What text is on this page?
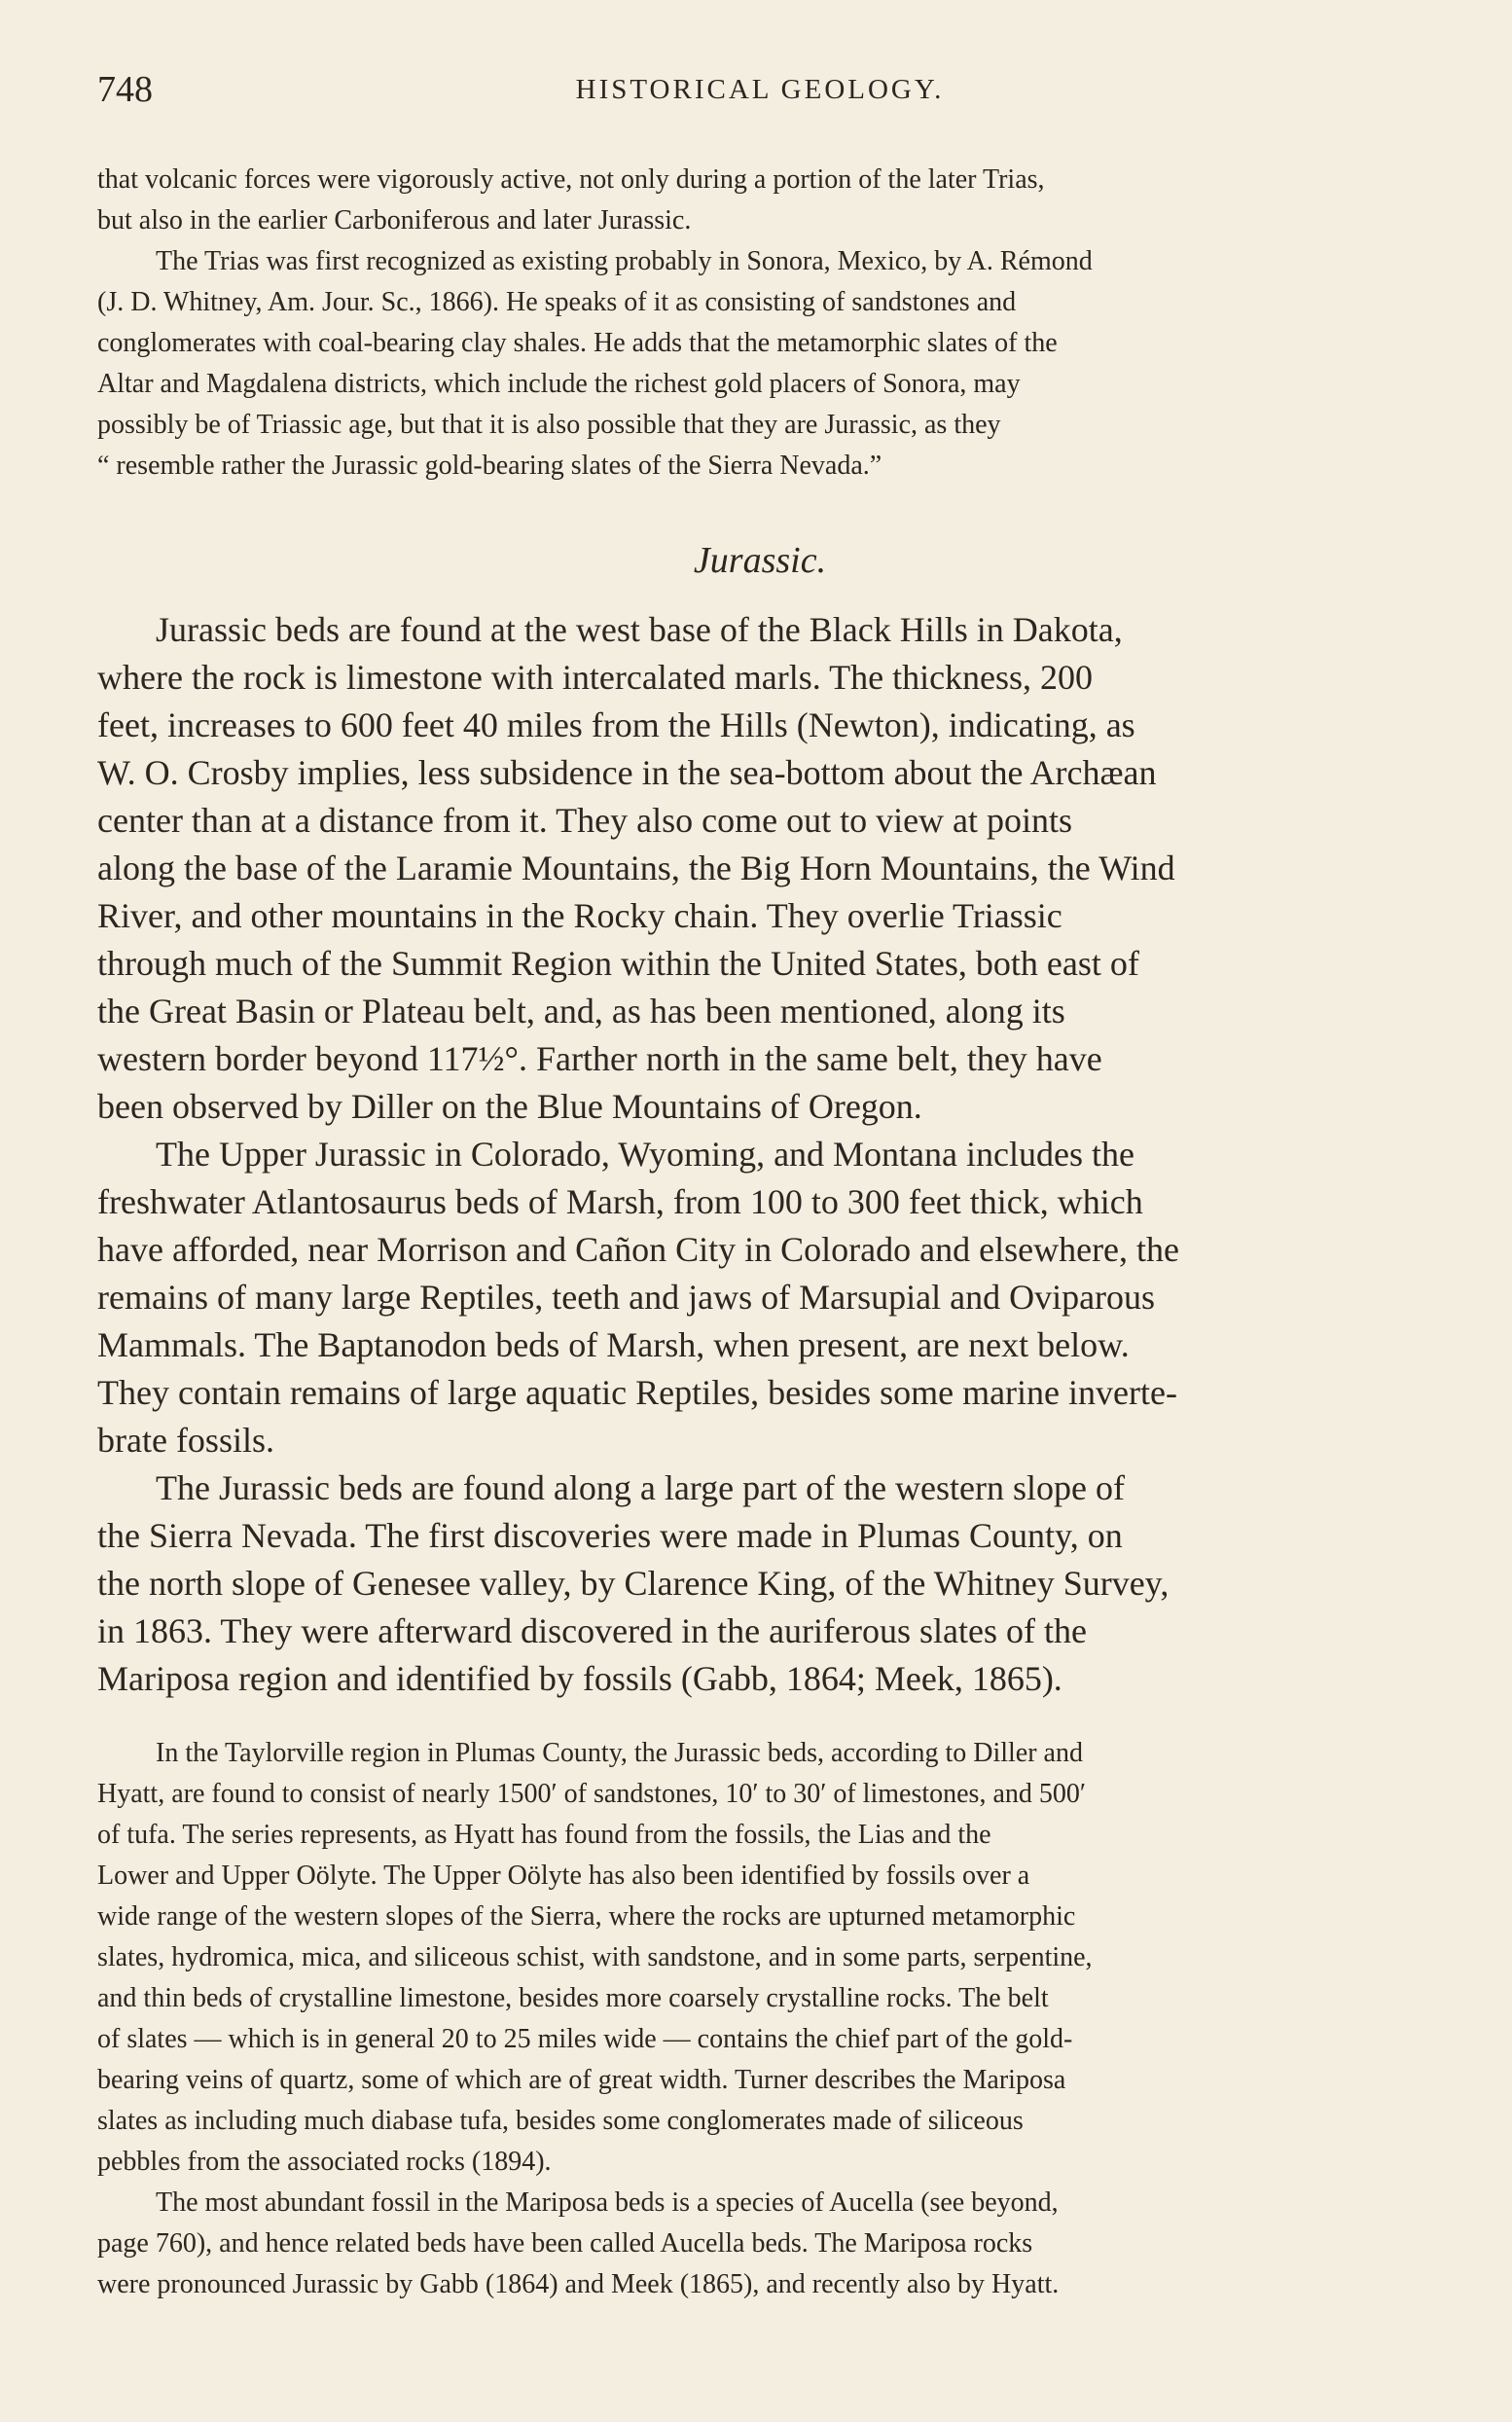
748	HISTORICAL GEOLOGY.
that volcanic forces were vigorously active, not only during a portion of the later Trias,
but also in the earlier Carboniferous and later Jurassic.
The Trias was first recognized as existing probably in Sonora, Mexico, by A. Rémond
(J. D. Whitney, Am. Jour. Sc., 1866). He speaks of it as consisting of sandstones and
conglomerates with coal-bearing clay shales. He adds that the metamorphic slates of the
Altar and Magdalena districts, which include the richest gold placers of Sonora, may
possibly be of Triassic age, but that it is also possible that they are Jurassic, as they
“ resemble rather the Jurassic gold-bearing slates of the Sierra Nevada.”
Jurassic.
Jurassic beds are found at the west base of the Black Hills in Dakota,
where the rock is limestone with intercalated marls. The thickness, 200
feet, increases to 600 feet 40 miles from the Hills (Newton), indicating, as
W. O. Crosby implies, less subsidence in the sea-bottom about the Archæan
center than at a distance from it. They also come out to view at points
along the base of the Laramie Mountains, the Big Horn Mountains, the Wind
River, and other mountains in the Rocky chain. They overlie Triassic
through much of the Summit Region within the United States, both east of
the Great Basin or Plateau belt, and, as has been mentioned, along its
western border beyond 117½°. Farther north in the same belt, they have
been observed by Diller on the Blue Mountains of Oregon.
The Upper Jurassic in Colorado, Wyoming, and Montana includes the
freshwater Atlantosaurus beds of Marsh, from 100 to 300 feet thick, which
have afforded, near Morrison and Cañon City in Colorado and elsewhere, the
remains of many large Reptiles, teeth and jaws of Marsupial and Oviparous
Mammals. The Baptanodon beds of Marsh, when present, are next below.
They contain remains of large aquatic Reptiles, besides some marine inverte-
brate fossils.
The Jurassic beds are found along a large part of the western slope of
the Sierra Nevada. The first discoveries were made in Plumas County, on
the north slope of Genesee valley, by Clarence King, of the Whitney Survey,
in 1863. They were afterward discovered in the auriferous slates of the
Mariposa region and identified by fossils (Gabb, 1864; Meek, 1865).
In the Taylorville region in Plumas County, the Jurassic beds, according to Diller and
Hyatt, are found to consist of nearly 1500′ of sandstones, 10′ to 30′ of limestones, and 500′
of tufa. The series represents, as Hyatt has found from the fossils, the Lias and the
Lower and Upper Oölyte. The Upper Oölyte has also been identified by fossils over a
wide range of the western slopes of the Sierra, where the rocks are upturned metamorphic
slates, hydromica, mica, and siliceous schist, with sandstone, and in some parts, serpentine,
and thin beds of crystalline limestone, besides more coarsely crystalline rocks. The belt
of slates — which is in general 20 to 25 miles wide — contains the chief part of the gold-
bearing veins of quartz, some of which are of great width. Turner describes the Mariposa
slates as including much diabase tufa, besides some conglomerates made of siliceous
pebbles from the associated rocks (1894).
The most abundant fossil in the Mariposa beds is a species of Aucella (see beyond,
page 760), and hence related beds have been called Aucella beds. The Mariposa rocks
were pronounced Jurassic by Gabb (1864) and Meek (1865), and recently also by Hyatt.
